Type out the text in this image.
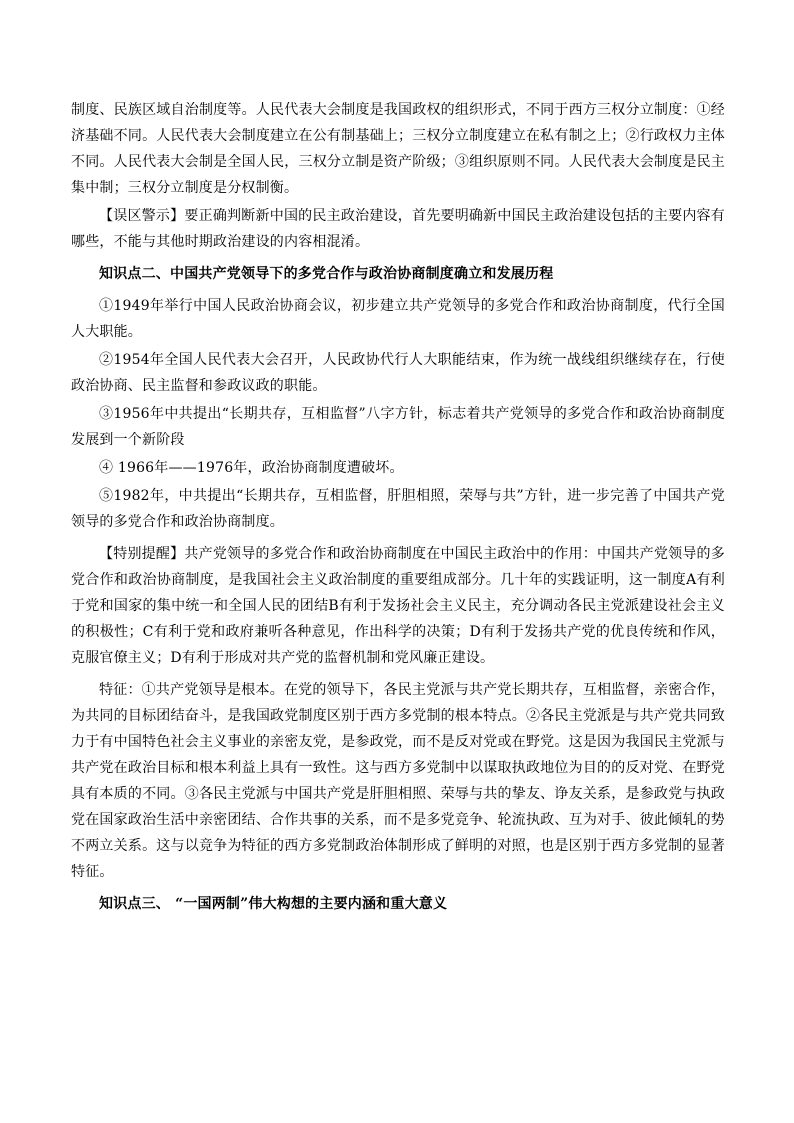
制度、民族区域自治制度等。人民代表大会制度是我国政权的组织形式，不同于西方三权分立制度：①经济基础不同。人民代表大会制度建立在公有制基础上；三权分立制度建立在私有制之上；②行政权力主体不同。人民代表大会制是全国人民，三权分立制是资产阶级；③组织原则不同。人民代表大会制度是民主集中制；三权分立制度是分权制衡。

【误区警示】要正确判断新中国的民主政治建设，首先要明确新中国民主政治建设包括的主要内容有哪些，不能与其他时期政治建设的内容相混淆。

知识点二、中国共产党领导下的多党合作与政治协商制度确立和发展历程

①1949年举行中国人民政治协商会议，初步建立共产党领导的多党合作和政治协商制度，代行全国人大职能。

②1954年全国人民代表大会召开，人民政协代行人大职能结束，作为统一战线组织继续存在，行使政治协商、民主监督和参政议政的职能。

③1956年中共提出“长期共存，互相监督”八字方针，标志着共产党领导的多党合作和政治协商制度发展到一个新阶段

④ 1966年——1976年，政治协商制度遭破坏。

⑤1982年，中共提出“长期共存，互相监督，肝胆相照，荣辱与共”方针，进一步完善了中国共产党领导的多党合作和政治协商制度。

【特别提醒】共产党领导的多党合作和政治协商制度在中国民主政治中的作用：中国共产党领导的多党合作和政治协商制度，是我国社会主义政治制度的重要组成部分。几十年的实践证明，这一制度A有利于党和国家的集中统一和全国人民的团结B有利于发扬社会主义民主，充分调动各民主党派建设社会主义的积极性；C有利于党和政府兼听各种意见，作出科学的决策；D有利于发扬共产党的优良传统和作风，克服官僚主义；D有利于形成对共产党的监督机制和党风廉正建设。

特征：①共产党领导是根本。在党的领导下，各民主党派与共产党长期共存，互相监督，亲密合作，为共同的目标团结奋斗，是我国政党制度区别于西方多党制的根本特点。②各民主党派是与共产党共同致力于有中国特色社会主义事业的亲密友党，是参政党，而不是反对党或在野党。这是因为我国民主党派与共产党在政治目标和根本利益上具有一致性。这与西方多党制中以谋取执政地位为目的的反对党、在野党具有本质的不同。③各民主党派与中国共产党是肝胆相照、荣辱与共的挚友、诤友关系，是参政党与执政党在国家政治生活中亲密团结、合作共事的关系，而不是多党竞争、轮流执政、互为对手、彼此倾轧的势不两立关系。这与以竞争为特征的西方多党制政治体制形成了鲜明的对照，也是区别于西方多党制的显著特征。

知识点三、 “一国两制”伟大构想的主要内涵和重大意义
